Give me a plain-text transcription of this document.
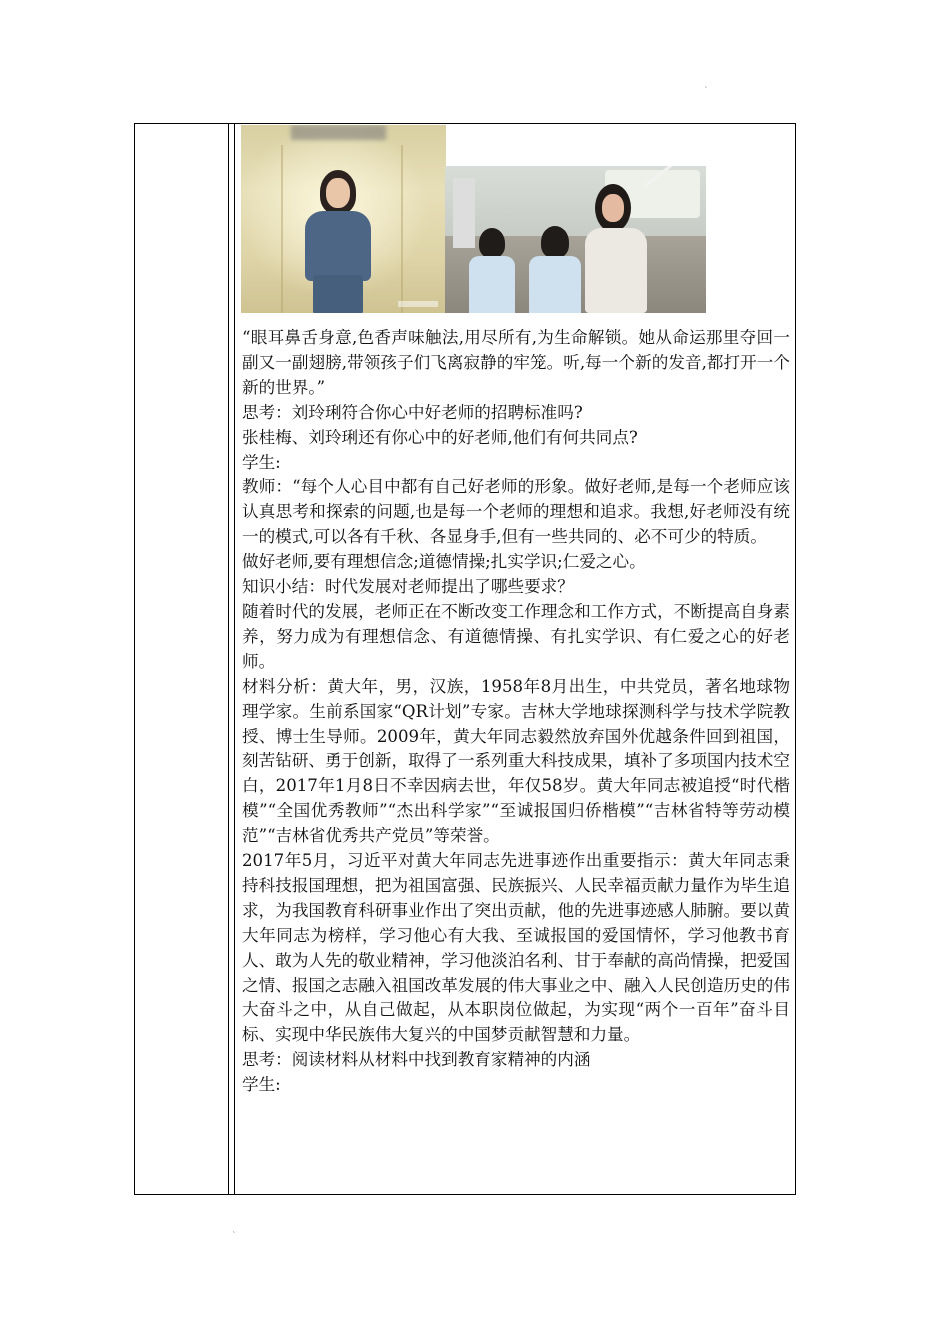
˛

“眼耳鼻舌身意,色香声味触法,用尽所有,为生命解锁。她从命运那里夺回一副又一副翅膀,带领孩子们飞离寂静的牢笼。听,每一个新的发音,都打开一个新的世界。”

思考：刘玲琍符合你心中好老师的招聘标准吗?

张桂梅、刘玲琍还有你心中的好老师,他们有何共同点?

学生:

教师：“每个人心目中都有自己好老师的形象。做好老师,是每一个老师应该认真思考和探索的问题,也是每一个老师的理想和追求。我想,好老师没有统一的模式,可以各有千秋、各显身手,但有一些共同的、必不可少的特质。

做好老师,要有理想信念;道德情操;扎实学识;仁爱之心。

知识小结：时代发展对老师提出了哪些要求？

随着时代的发展，老师正在不断改变工作理念和工作方式，不断提高自身素养，努力成为有理想信念、有道德情操、有扎实学识、有仁爱之心的好老师。

材料分析：黄大年，男，汉族，1958年8月出生，中共党员，著名地球物理学家。生前系国家“QR计划”专家。吉林大学地球探测科学与技术学院教授、博士生导师。2009年，黄大年同志毅然放弃国外优越条件回到祖国，刻苦钻研、勇于创新，取得了一系列重大科技成果，填补了多项国内技术空白，2017年1月8日不幸因病去世，年仅58岁。黄大年同志被追授“时代楷模”“全国优秀教师”“杰出科学家”“至诚报国归侨楷模”“吉林省特等劳动模范”“吉林省优秀共产党员”等荣誉。

2017年5月，习近平对黄大年同志先进事迹作出重要指示：黄大年同志秉持科技报国理想，把为祖国富强、民族振兴、人民幸福贡献力量作为毕生追求，为我国教育科研事业作出了突出贡献，他的先进事迹感人肺腑。要以黄大年同志为榜样，学习他心有大我、至诚报国的爱国情怀，学习他教书育人、敢为人先的敬业精神，学习他淡泊名利、甘于奉献的高尚情操，把爱国之情、报国之志融入祖国改革发展的伟大事业之中、融入人民创造历史的伟大奋斗之中，从自己做起，从本职岗位做起，为实现“两个一百年”奋斗目标、实现中华民族伟大复兴的中国梦贡献智慧和力量。

思考：阅读材料从材料中找到教育家精神的内涵

学生:

˛
